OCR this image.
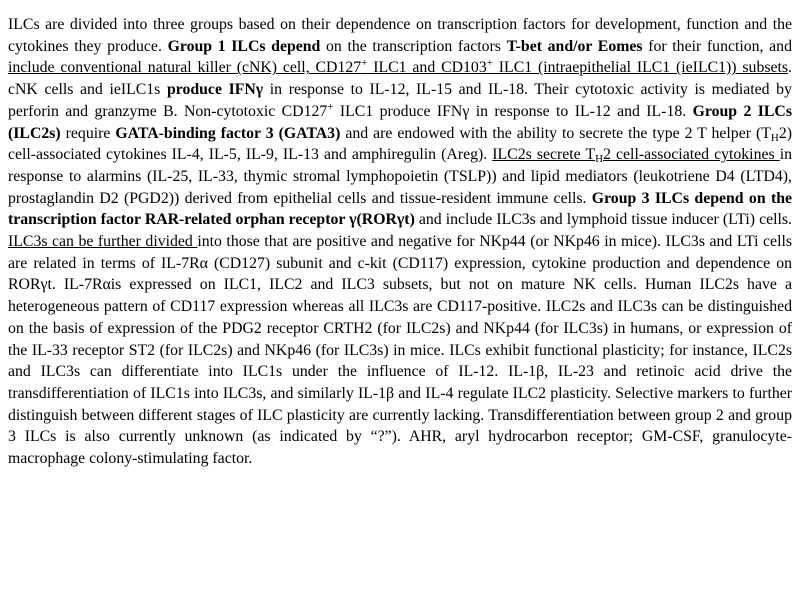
ILCs are divided into three groups based on their dependence on transcription factors for development, function and the cytokines they produce. Group 1 ILCs depend on the transcription factors T-bet and/or Eomes for their function, and include conventional natural killer (cNK) cell, CD127+ ILC1 and CD103+ ILC1 (intraepithelial ILC1 (ieILC1)) subsets. cNK cells and ieILC1s produce IFNγ in response to IL-12, IL-15 and IL-18. Their cytotoxic activity is mediated by perforin and granzyme B. Non-cytotoxic CD127+ ILC1 produce IFNγ in response to IL-12 and IL-18. Group 2 ILCs (ILC2s) require GATA-binding factor 3 (GATA3) and are endowed with the ability to secrete the type 2 T helper $(T_H2)$ cell-associated cytokines IL-4, IL-5, IL-9, IL-13 and amphiregulin (Areg). ILC2s secrete $T_H2$ cell-associated cytokines in response to alarmins (IL-25, IL-33, thymic stromal lymphopoietin (TSLP)) and lipid mediators (leukotriene D4 (LTD4), prostaglandin D2 (PGD2)) derived from epithelial cells and tissue-resident immune cells. Group 3 ILCs depend on the transcription factor RAR-related orphan receptor γ(RORγt) and include ILC3s and lymphoid tissue inducer (LTi) cells. ILC3s can be further divided into those that are positive and negative for NKp44 (or NKp46 in mice). ILC3s and LTi cells are related in terms of IL-7Rα (CD127) subunit and c-kit (CD117) expression, cytokine production and dependence on RORγt. IL-7Rαis expressed on ILC1, ILC2 and ILC3 subsets, but not on mature NK cells. Human ILC2s have a heterogeneous pattern of CD117 expression whereas all ILC3s are CD117-positive. ILC2s and ILC3s can be distinguished on the basis of expression of the PDG2 receptor CRTH2 (for ILC2s) and NKp44 (for ILC3s) in humans, or expression of the IL-33 receptor ST2 (for ILC2s) and NKp46 (for ILC3s) in mice. ILCs exhibit functional plasticity; for instance, ILC2s and ILC3s can differentiate into ILC1s under the influence of IL-12. IL-1β, IL-23 and retinoic acid drive the transdifferentiation of ILC1s into ILC3s, and similarly IL-1β and IL-4 regulate ILC2 plasticity. Selective markers to further distinguish between different stages of ILC plasticity are currently lacking. Transdifferentiation between group 2 and group 3 ILCs is also currently unknown (as indicated by “?”). AHR, aryl hydrocarbon receptor; GM-CSF, granulocyte-macrophage colony-stimulating factor.
